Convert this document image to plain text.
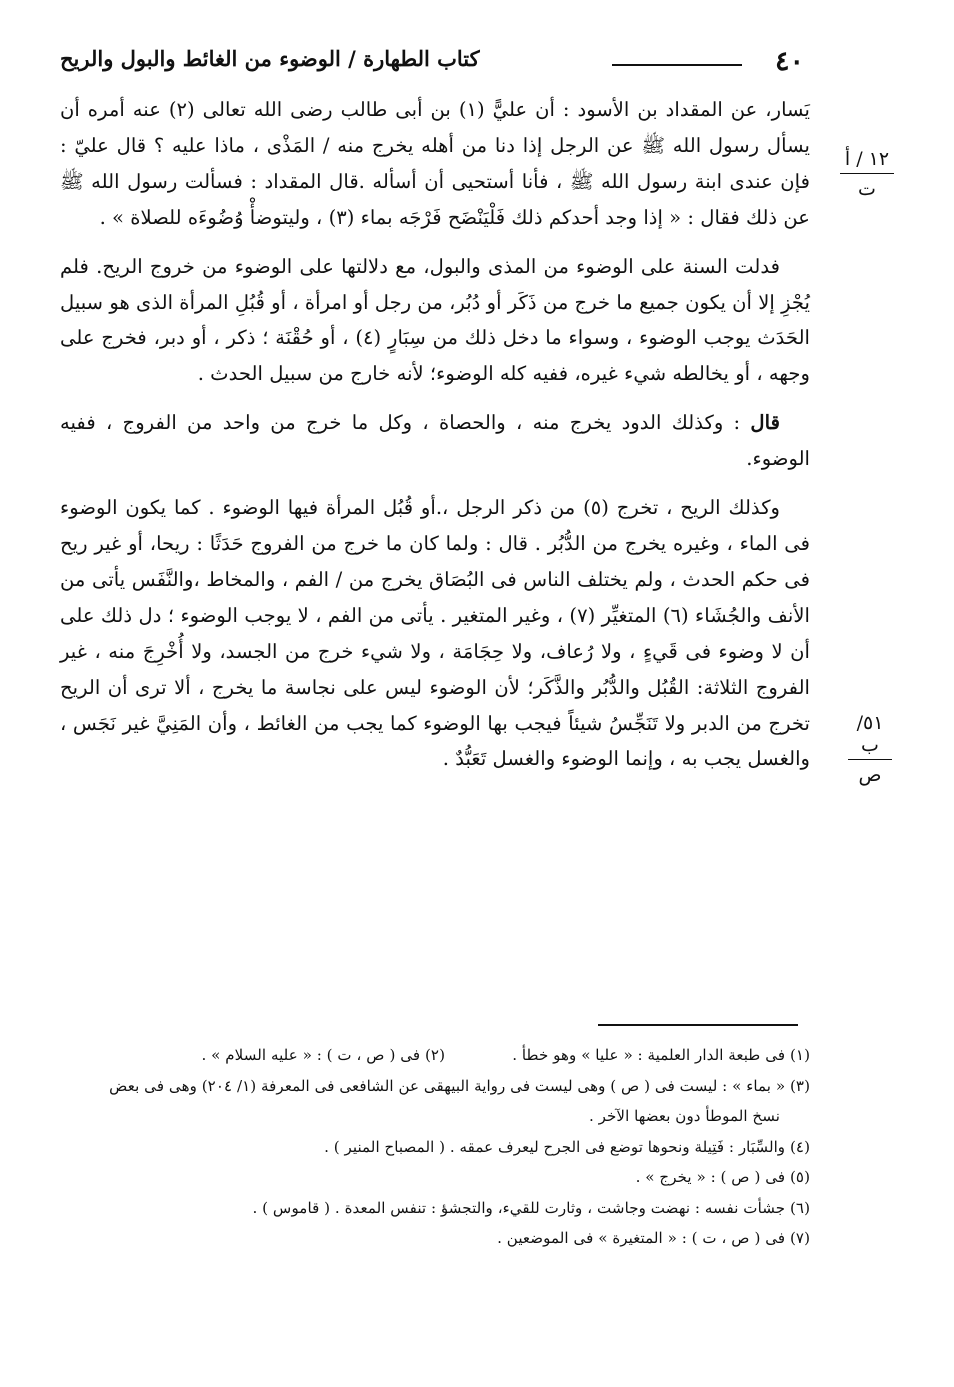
٤٠
كتاب الطهارة / الوضوء من الغائط والبول والريح
١٢ / أ
ت
٥١/ ب
ص

يَسار، عن المقداد بن الأسود : أن عليًّ (١) بن أبى طالب رضى الله تعالى (٢) عنه أمره أن يسأل رسول الله ﷺ عن الرجل إذا دنا من أهله يخرج منه / المَذْى ، ماذا عليه ؟ قال عليّ : فإن عندى ابنة رسول الله ﷺ ، فأنا أستحيى أن أسأله .قال المقداد : فسألت رسول الله ﷺ عن ذلك فقال : « إذا وجد أحدكم ذلك فَلْيَنْضَح فَرْجَه بماء (٣) ، وليتوضأْ وُضُوءَه للصلاة » .

فدلت السنة على الوضوء من المذى والبول، مع دلالتها على الوضوء من خروج الريح. فلم يُجْزِ إلا أن يكون جميع ما خرج من ذَكَر أو دُبُر، من رجل أو امرأة ، أو قُبُلِ المرأة الذى هو سبيل الحَدَث يوجب الوضوء ، وسواء ما دخل ذلك من سِبَارٍ (٤) ، أو حُقْنَة ؛ ذكر ، أو دبر، فخرج على وجهه ، أو يخالطه شيء غيره، ففيه كله الوضوء؛ لأنه خارج من سبيل الحدث .

قال : وكذلك الدود يخرج منه ، والحصاة ، وكل ما خرج من واحد من الفروج ، ففيه الوضوء.

وكذلك الريح ، تخرج (٥) من ذكر الرجل ،.أو قُبُل المرأة فيها الوضوء . كما يكون الوضوء فى الماء ، وغيره يخرج من الدُّبُر . قال : ولما كان ما خرج من الفروج حَدَثًا : ريحا، أو غير ريح فى حكم الحدث ، ولم يختلف الناس فى البُصَاق يخرج من / الفم ، والمخاط ،والنَّفَس يأتى من الأنف والجُشَاء (٦) المتغيِّر (٧) ، وغير المتغير . يأتى من الفم ، لا يوجب الوضوء ؛ دل ذلك على أن لا وضوء فى قَيءٍ ، ولا رُعاف، ولا حِجَامَة ، ولا شيء خرج من الجسد، ولا أُخْرِجَ منه ، غير الفروج الثلاثة: القُبُل والدُّبُر والذَّكَر؛ لأن الوضوء ليس على نجاسة ما يخرج ، ألا ترى أن الريح تخرج من الدبر ولا تَنَجِّسُ شيئاً فيجب بها الوضوء كما يجب من الغائط ، وأن المَنِيَّ غير نَجَس ، والغسل يجب به ، وإنما الوضوء والغسل تَعَبُّدٌ .

(١) فى طبعة الدار العلمية : « عليا » وهو خطأ .
(٢) فى ( ص ، ت ) : « عليه السلام » .

(٣) « بماء » : ليست فى ( ص ) وهى ليست فى رواية البيهقى عن الشافعى فى المعرفة (١/ ٢٠٤) وهى فى بعض

نسخ الموطأ دون بعضها الآخر .

(٤) والسِّبَار : فَتِيلة ونحوها توضع فى الجرح ليعرف عمقه . ( المصباح المنير ) .

(٥) فى ( ص ) : « يخرج » .

(٦) جشأت نفسه : نهضت وجاشت ، وثارت للقيء، والتجشؤ : تنفس المعدة . ( قاموس ) .

(٧) فى ( ص ، ت ) : « المتغيرة » فى الموضعين .
